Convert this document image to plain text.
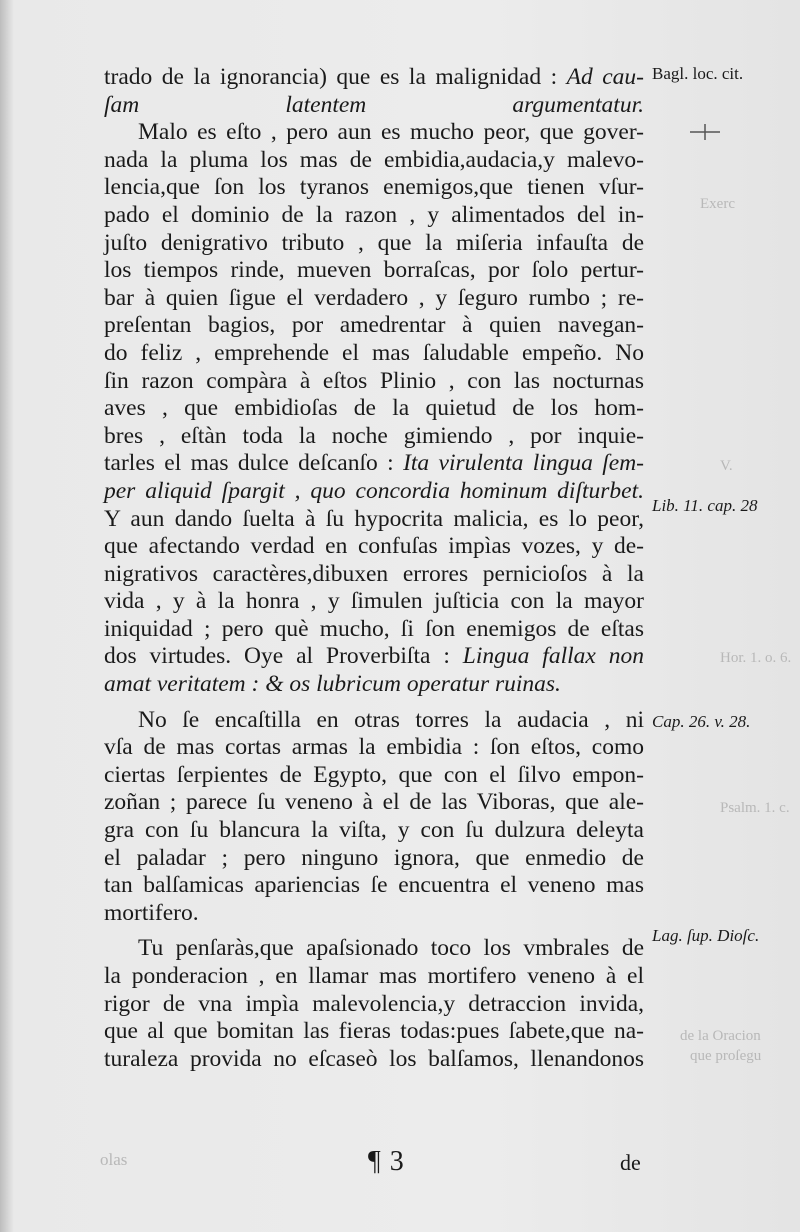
Exerc
V.
Hor. 1. o. 6.
Psalm. 1. c.
de la Oracion
que proſegu
olas
trado de la ignorancia) que es la malignidad : Ad cau-
ſam latentem argumentatur.
Malo es eſto , pero aun es mucho peor, que gover-
nada la pluma los mas de embidia,audacia,y malevo-
lencia,que ſon los tyranos enemigos,que tienen vſur-
pado el dominio de la razon , y alimentados del in-
juſto denigrativo tributo , que la miſeria infauſta de
los tiempos rinde, mueven borraſcas, por ſolo pertur-
bar à quien ſigue el verdadero , y ſeguro rumbo ; re-
preſentan bagios, por amedrentar à quien navegan-
do feliz , emprehende el mas ſaludable empeño. No
ſin razon compàra à eſtos Plinio , con las nocturnas
aves , que embidioſas de la quietud de los hom-
bres , eſtàn toda la noche gimiendo , por inquie-
tarles el mas dulce deſcanſo : Ita virulenta lingua ſem-
per aliquid ſpargit , quo concordia hominum diſturbet.
Y aun dando ſuelta à ſu hypocrita malicia, es lo peor,
que afectando verdad en confuſas impìas vozes, y de-
nigrativos caractères,dibuxen errores pernicioſos à la
vida , y à la honra , y ſimulen juſticia con la mayor
iniquidad ; pero què mucho, ſi ſon enemigos de eſtas
dos virtudes. Oye al Proverbiſta : Lingua fallax non
amat veritatem : & os lubricum operatur ruinas.
No ſe encaſtilla en otras torres la audacia , ni
vſa de mas cortas armas la embidia : ſon eſtos, como
ciertas ſerpientes de Egypto, que con el ſilvo empon-
zoñan ; parece ſu veneno à el de las Viboras, que ale-
gra con ſu blancura la viſta, y con ſu dulzura deleyta
el paladar ; pero ninguno ignora, que enmedio de
tan balſamicas apariencias ſe encuentra el veneno mas
mortifero.
Tu penſaràs,que apaſsionado toco los vmbrales de
la ponderacion , en llamar mas mortifero veneno à el
rigor de vna impìa malevolencia,y detraccion invida,
que al que bomitan las fieras todas:pues ſabete,que na-
turaleza provida no eſcaseò los balſamos, llenandonos
Bagl. loc. cit.
Lib. 11. cap. 28
Cap. 26. v. 28.
Lag. ſup. Dioſc.
¶ 3	de
